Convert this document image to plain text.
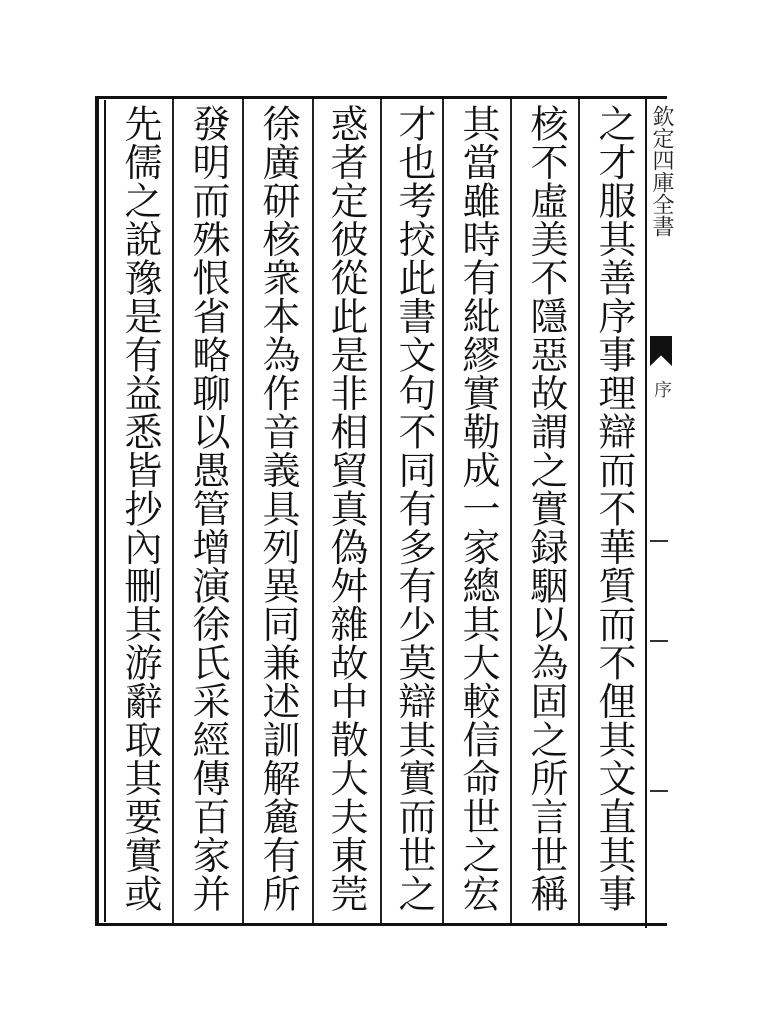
之才服其善序事理辯而不華質而不俚其文直其事
核不虛美不隱惡故謂之實録駰以為固之所言世稱
其當雖時有紕繆實勒成一家總其大較信命世之宏
才也考挍此書文句不同有多有少莫辯其實而世之
惑者定彼從此是非相貿真偽舛雜故中散大夫東莞
徐廣研核衆本為作音義具列異同兼述訓解麄有所
發明而殊恨省略聊以愚管增演徐氏采經傳百家并
先儒之說豫是有益悉皆抄內刪其游辭取其要實或	欽定四庫全書
序
